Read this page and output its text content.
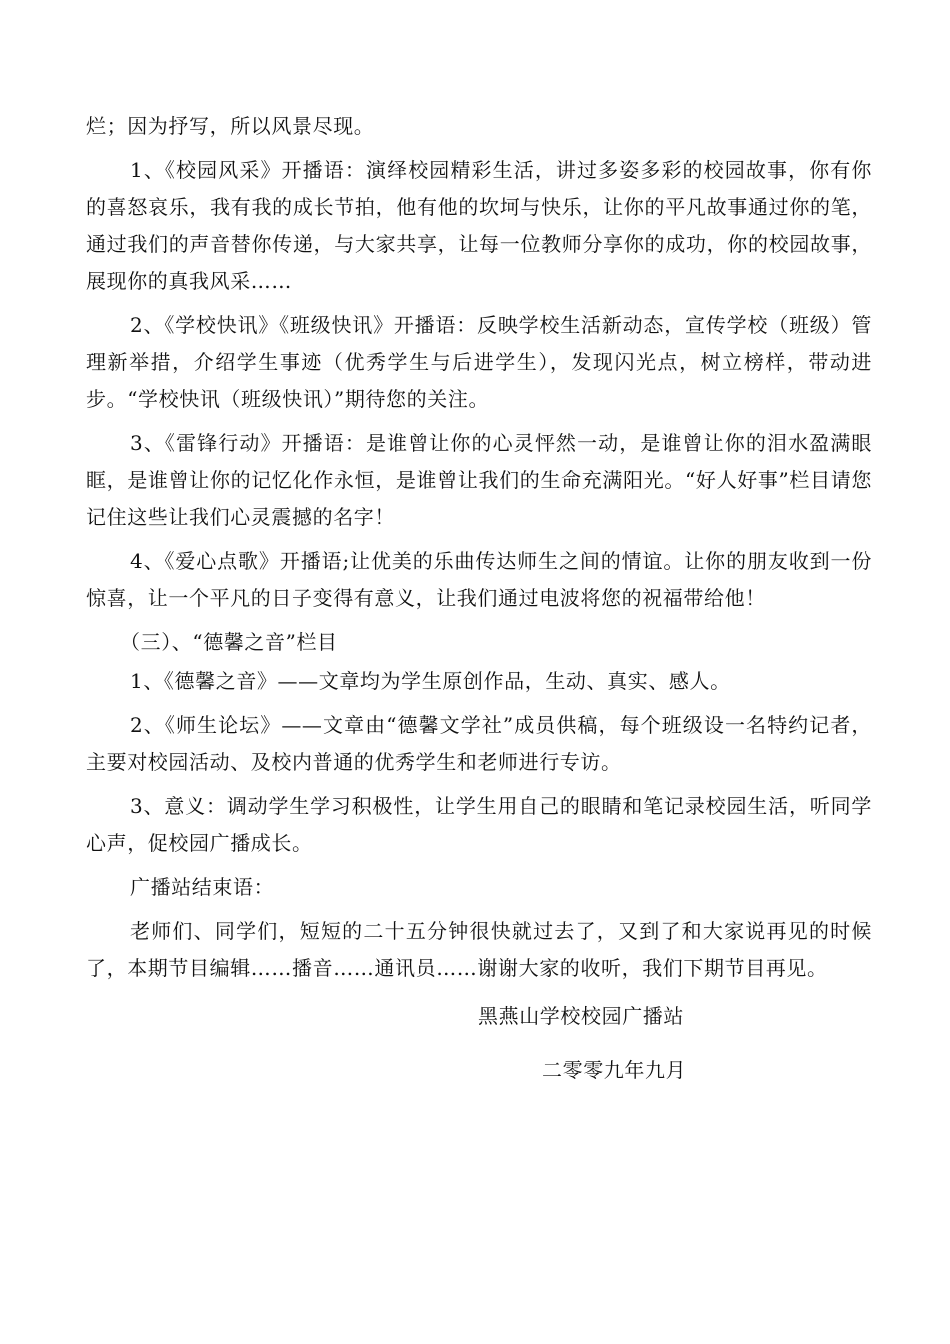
烂；因为抒写，所以风景尽现。

1、《校园风采》开播语：演绎校园精彩生活，讲过多姿多彩的校园故事，你有你的喜怒哀乐，我有我的成长节拍，他有他的坎坷与快乐，让你的平凡故事通过你的笔，通过我们的声音替你传递，与大家共享，让每一位教师分享你的成功，你的校园故事，展现你的真我风采……

2、《学校快讯》《班级快讯》开播语：反映学校生活新动态，宣传学校（班级）管理新举措，介绍学生事迹（优秀学生与后进学生），发现闪光点，树立榜样，带动进步。“学校快讯（班级快讯）”期待您的关注。

3、《雷锋行动》开播语：是谁曾让你的心灵怦然一动，是谁曾让你的泪水盈满眼眶，是谁曾让你的记忆化作永恒，是谁曾让我们的生命充满阳光。“好人好事”栏目请您记住这些让我们心灵震撼的名字！

4、《爱心点歌》开播语;让优美的乐曲传达师生之间的情谊。让你的朋友收到一份惊喜，让一个平凡的日子变得有意义，让我们通过电波将您的祝福带给他！

（三）、“德馨之音”栏目

1、《德馨之音》——文章均为学生原创作品，生动、真实、感人。

2、《师生论坛》——文章由“德馨文学社”成员供稿，每个班级设一名特约记者，主要对校园活动、及校内普通的优秀学生和老师进行专访。

3、意义：调动学生学习积极性，让学生用自己的眼睛和笔记录校园生活，听同学心声，促校园广播成长。

广播站结束语：

老师们、同学们，短短的二十五分钟很快就过去了，又到了和大家说再见的时候了，本期节目编辑……播音……通讯员……谢谢大家的收听，我们下期节目再见。

黑燕山学校校园广播站

二零零九年九月
